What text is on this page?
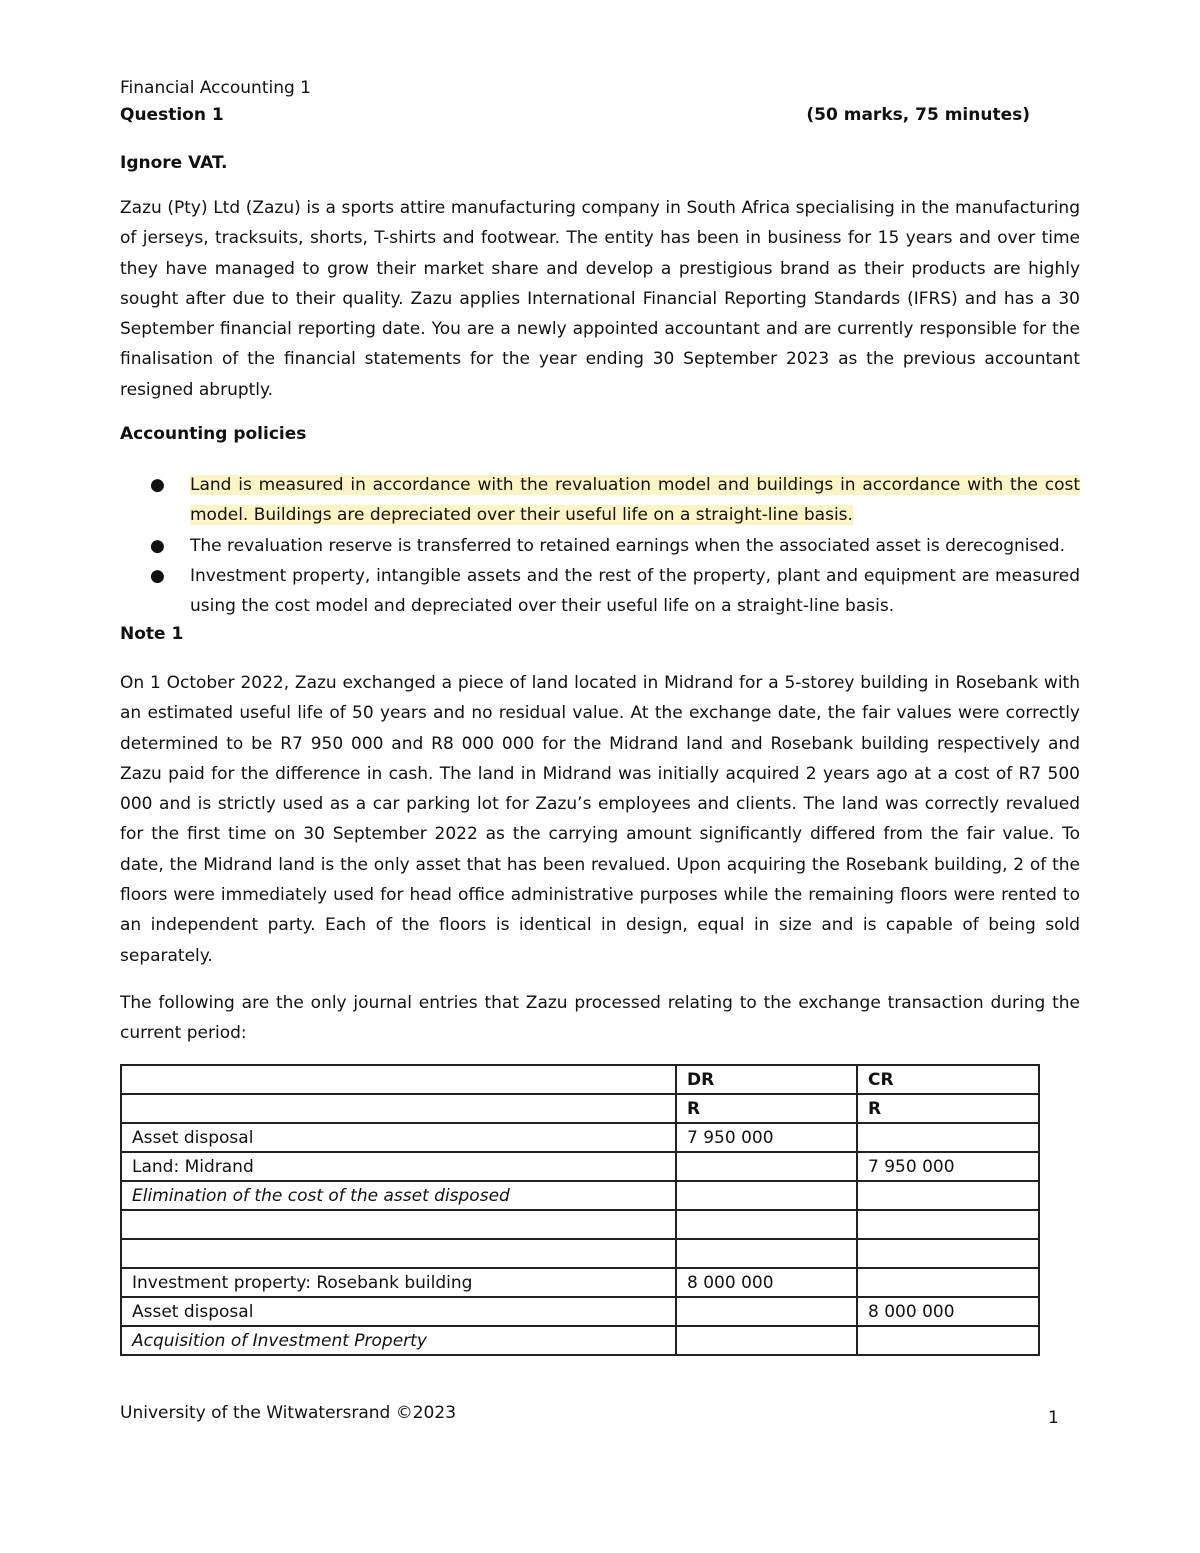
Financial Accounting 1
Question 1	(50 marks, 75 minutes)
Ignore VAT.

Zazu (Pty) Ltd (Zazu) is a sports attire manufacturing company in South Africa specialising in the manufacturing of jerseys, tracksuits, shorts, T-shirts and footwear. The entity has been in business for 15 years and over time they have managed to grow their market share and develop a prestigious brand as their products are highly sought after due to their quality. Zazu applies International Financial Reporting Standards (IFRS) and has a 30 September financial reporting date. You are a newly appointed accountant and are currently responsible for the finalisation of the financial statements for the year ending 30 September 2023 as the previous accountant resigned abruptly.

Accounting policies
● Land is measured in accordance with the revaluation model and buildings in accordance with the cost model. Buildings are depreciated over their useful life on a straight-line basis.
● The revaluation reserve is transferred to retained earnings when the associated asset is derecognised.
● Investment property, intangible assets and the rest of the property, plant and equipment are measured using the cost model and depreciated over their useful life on a straight-line basis.
Note 1

On 1 October 2022, Zazu exchanged a piece of land located in Midrand for a 5-storey building in Rosebank with an estimated useful life of 50 years and no residual value. At the exchange date, the fair values were correctly determined to be R7 950 000 and R8 000 000 for the Midrand land and Rosebank building respectively and Zazu paid for the difference in cash. The land in Midrand was initially acquired 2 years ago at a cost of R7 500 000 and is strictly used as a car parking lot for Zazu’s employees and clients. The land was correctly revalued for the first time on 30 September 2022 as the carrying amount significantly differed from the fair value. To date, the Midrand land is the only asset that has been revalued. Upon acquiring the Rosebank building, 2 of the floors were immediately used for head office administrative purposes while the remaining floors were rented to an independent party. Each of the floors is identical in design, equal in size and is capable of being sold separately.

The following are the only journal entries that Zazu processed relating to the exchange transaction during the current period:

	DR	CR
	R	R
Asset disposal	7 950 000	
Land: Midrand		7 950 000
Elimination of the cost of the asset disposed		

Investment property: Rosebank building	8 000 000	
Asset disposal		8 000 000
Acquisition of Investment Property		
University of the Witwatersrand ©2023	1
